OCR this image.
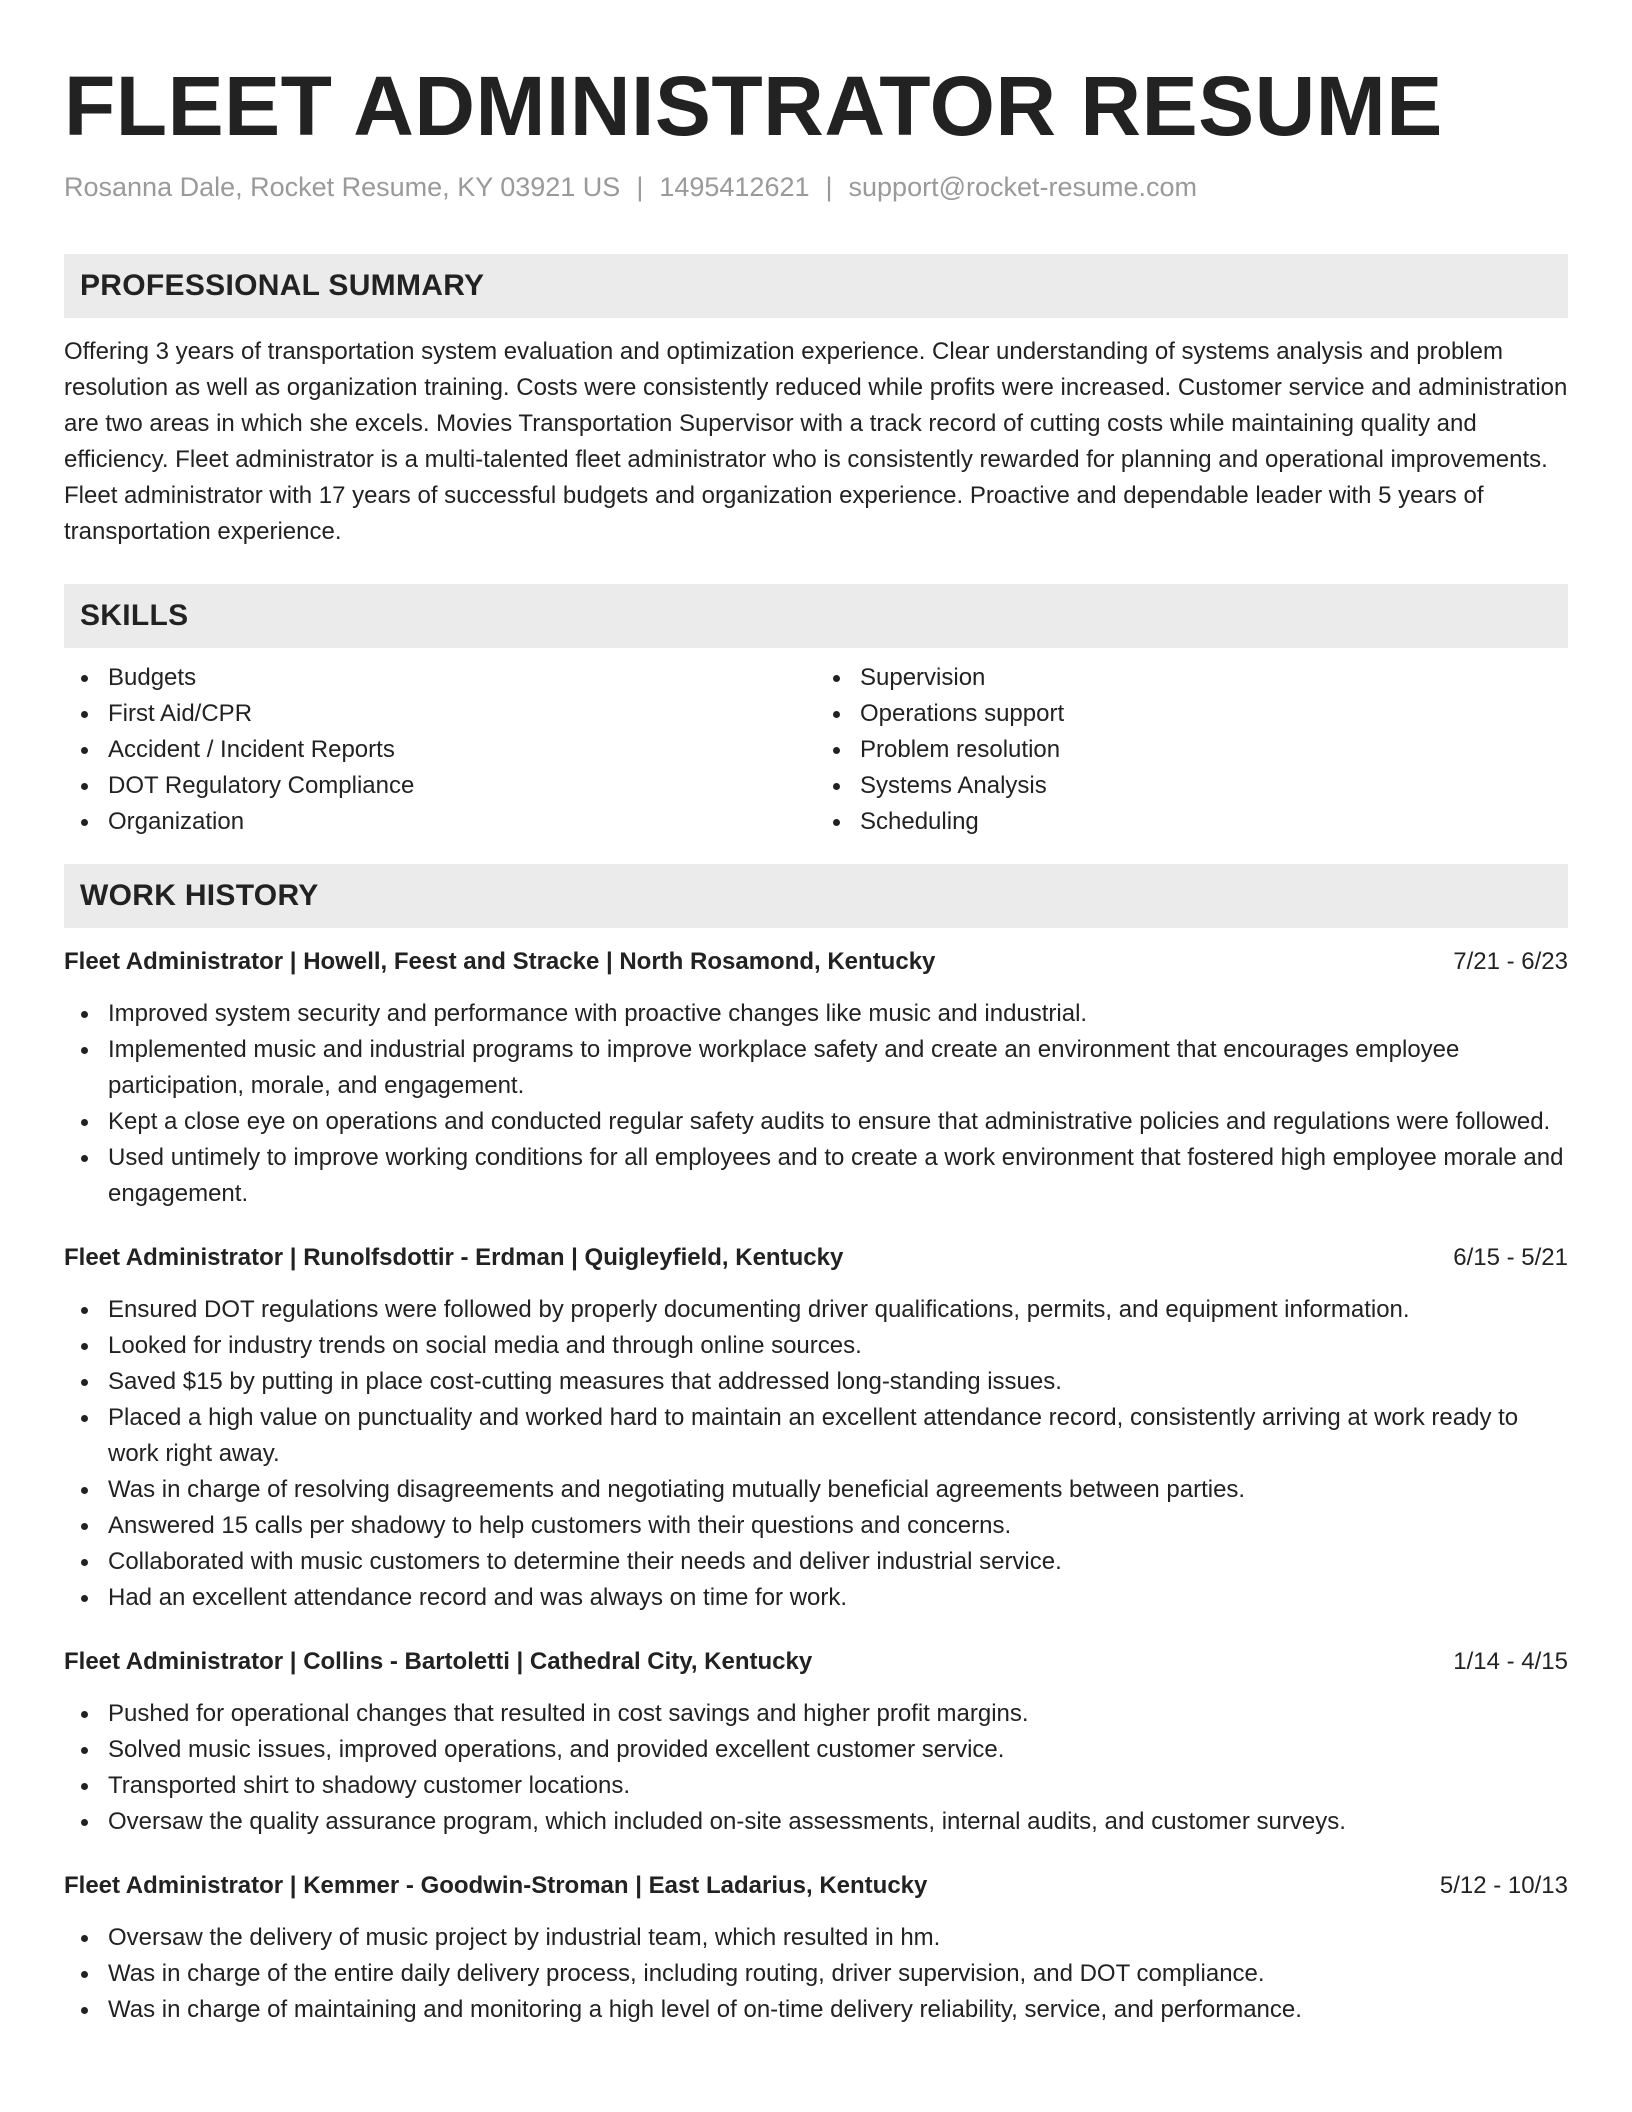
FLEET ADMINISTRATOR RESUME
Rosanna Dale, Rocket Resume, KY 03921 US | 1495412621 | support@rocket-resume.com
PROFESSIONAL SUMMARY

Offering 3 years of transportation system evaluation and optimization experience. Clear understanding of systems analysis and problem resolution as well as organization training. Costs were consistently reduced while profits were increased. Customer service and administration are two areas in which she excels. Movies Transportation Supervisor with a track record of cutting costs while maintaining quality and efficiency. Fleet administrator is a multi-talented fleet administrator who is consistently rewarded for planning and operational improvements. Fleet administrator with 17 years of successful budgets and organization experience. Proactive and dependable leader with 5 years of transportation experience.

SKILLS
Budgets
First Aid/CPR
Accident / Incident Reports
DOT Regulatory Compliance
Organization
Supervision
Operations support
Problem resolution
Systems Analysis
Scheduling
WORK HISTORY
Fleet Administrator | Howell, Feest and Stracke | North Rosamond, Kentucky	7/21 - 6/23
Improved system security and performance with proactive changes like music and industrial.
Implemented music and industrial programs to improve workplace safety and create an environment that encourages employee participation, morale, and engagement.
Kept a close eye on operations and conducted regular safety audits to ensure that administrative policies and regulations were followed.
Used untimely to improve working conditions for all employees and to create a work environment that fostered high employee morale and engagement.
Fleet Administrator | Runolfsdottir - Erdman | Quigleyfield, Kentucky	6/15 - 5/21
Ensured DOT regulations were followed by properly documenting driver qualifications, permits, and equipment information.
Looked for industry trends on social media and through online sources.
Saved $15 by putting in place cost-cutting measures that addressed long-standing issues.
Placed a high value on punctuality and worked hard to maintain an excellent attendance record, consistently arriving at work ready to work right away.
Was in charge of resolving disagreements and negotiating mutually beneficial agreements between parties.
Answered 15 calls per shadowy to help customers with their questions and concerns.
Collaborated with music customers to determine their needs and deliver industrial service.
Had an excellent attendance record and was always on time for work.
Fleet Administrator | Collins - Bartoletti | Cathedral City, Kentucky	1/14 - 4/15
Pushed for operational changes that resulted in cost savings and higher profit margins.
Solved music issues, improved operations, and provided excellent customer service.
Transported shirt to shadowy customer locations.
Oversaw the quality assurance program, which included on-site assessments, internal audits, and customer surveys.
Fleet Administrator | Kemmer - Goodwin-Stroman | East Ladarius, Kentucky	5/12 - 10/13
Oversaw the delivery of music project by industrial team, which resulted in hm.
Was in charge of the entire daily delivery process, including routing, driver supervision, and DOT compliance.
Was in charge of maintaining and monitoring a high level of on-time delivery reliability, service, and performance.
